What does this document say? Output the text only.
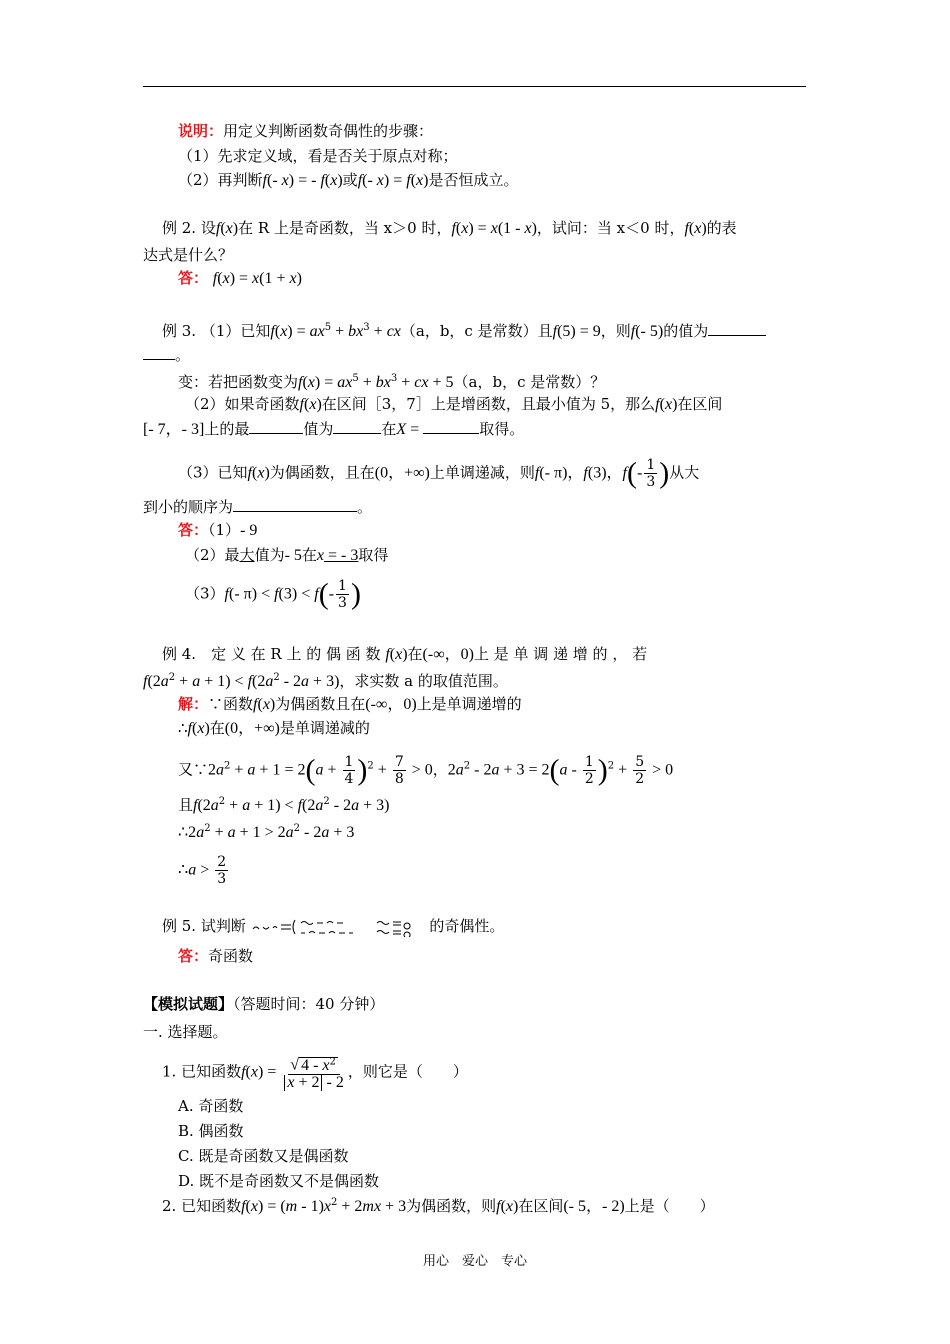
说明：用定义判断函数奇偶性的步骤：
（1）先求定义域，看是否关于原点对称；
（2）再判断f(- x) = - f(x)或f(- x) = f(x)是否恒成立。
例 2. 设f(x)在 R 上是奇函数，当 x＞0 时，f(x) = x(1 - x)，试问：当 x＜0 时，f(x)的表
达式是什么？
答： f(x) = x(1 + x)
例 3. （1）已知$f(x) = ax^5 + bx^3 + cx(a$，b，c 是常数）且f(5) = 9，则f(- 5)的值为
。
变：若把函数变为$f(x) = ax^5 + bx^3$ + cx + 5（a，b，c 是常数）？
（2）如果奇函数f(x)在区间［3，7］上是增函数，且最小值为 5，那么f(x)在区间
[- 7，- 3]上的最	值为	在X =	取得。
（3）已知f(x)为偶函数，且在(0，+∞)上单调递减，则f(- π)，f(3)，$f(- \frac{1}{3}$ )从大
到小的顺序为	。
答：（1）- 9
（2）最大值为- 5在x = - 3取得
（3）f(- $\pi) < f(3) < f(- \frac{1}{3}$ )
例 4.　定 义 在 R 上 的 偶 函 数 f(x)在(-∞，0)上 是 单 调 递 增 的 ， 若
$f(2a^2 + a + 1) < f(2a^2 - 2a + 3)$，求实数 a 的取值范围。
解：∵函数f(x)为偶函数且在(-∞，0)上是单调递增的
∴f(x)在(0，+∞)是单调递减的
又$\because 2a^2 + a + 1 = 2(a + \frac{1}{4} )^2 + \frac{7}{8} > 0$，$2a^2 - 2a + 3 = 2(a - \frac{1}{2} )^2 + \frac{5}{2} > 0$
且$f(2a^2 + a + 1) < f(2a^2 - 2a + 3)$
$\therefore 2a^2 + a + 1 > 2a^2 - 2a + 3$
∴a > $\frac{2}{3}$
例 5. 试判断	的奇偶性。
答：奇函数
【模拟试题】（答题时间：40 分钟）
一. 选择题。
1. 已知函数$f(x) = \frac{√ 4 - x^2}{x + 2 - 2}$ ，则它是（　　）
A. 奇函数
B. 偶函数
C. 既是奇函数又是偶函数
D. 既不是奇函数又不是偶函数
2. 已知函数$f(x) = (m - 1)x^2 + 2mx + 3$为偶函数，则f(x)在区间(- 5，- 2)上是（　　）
用心　爱心　专心
